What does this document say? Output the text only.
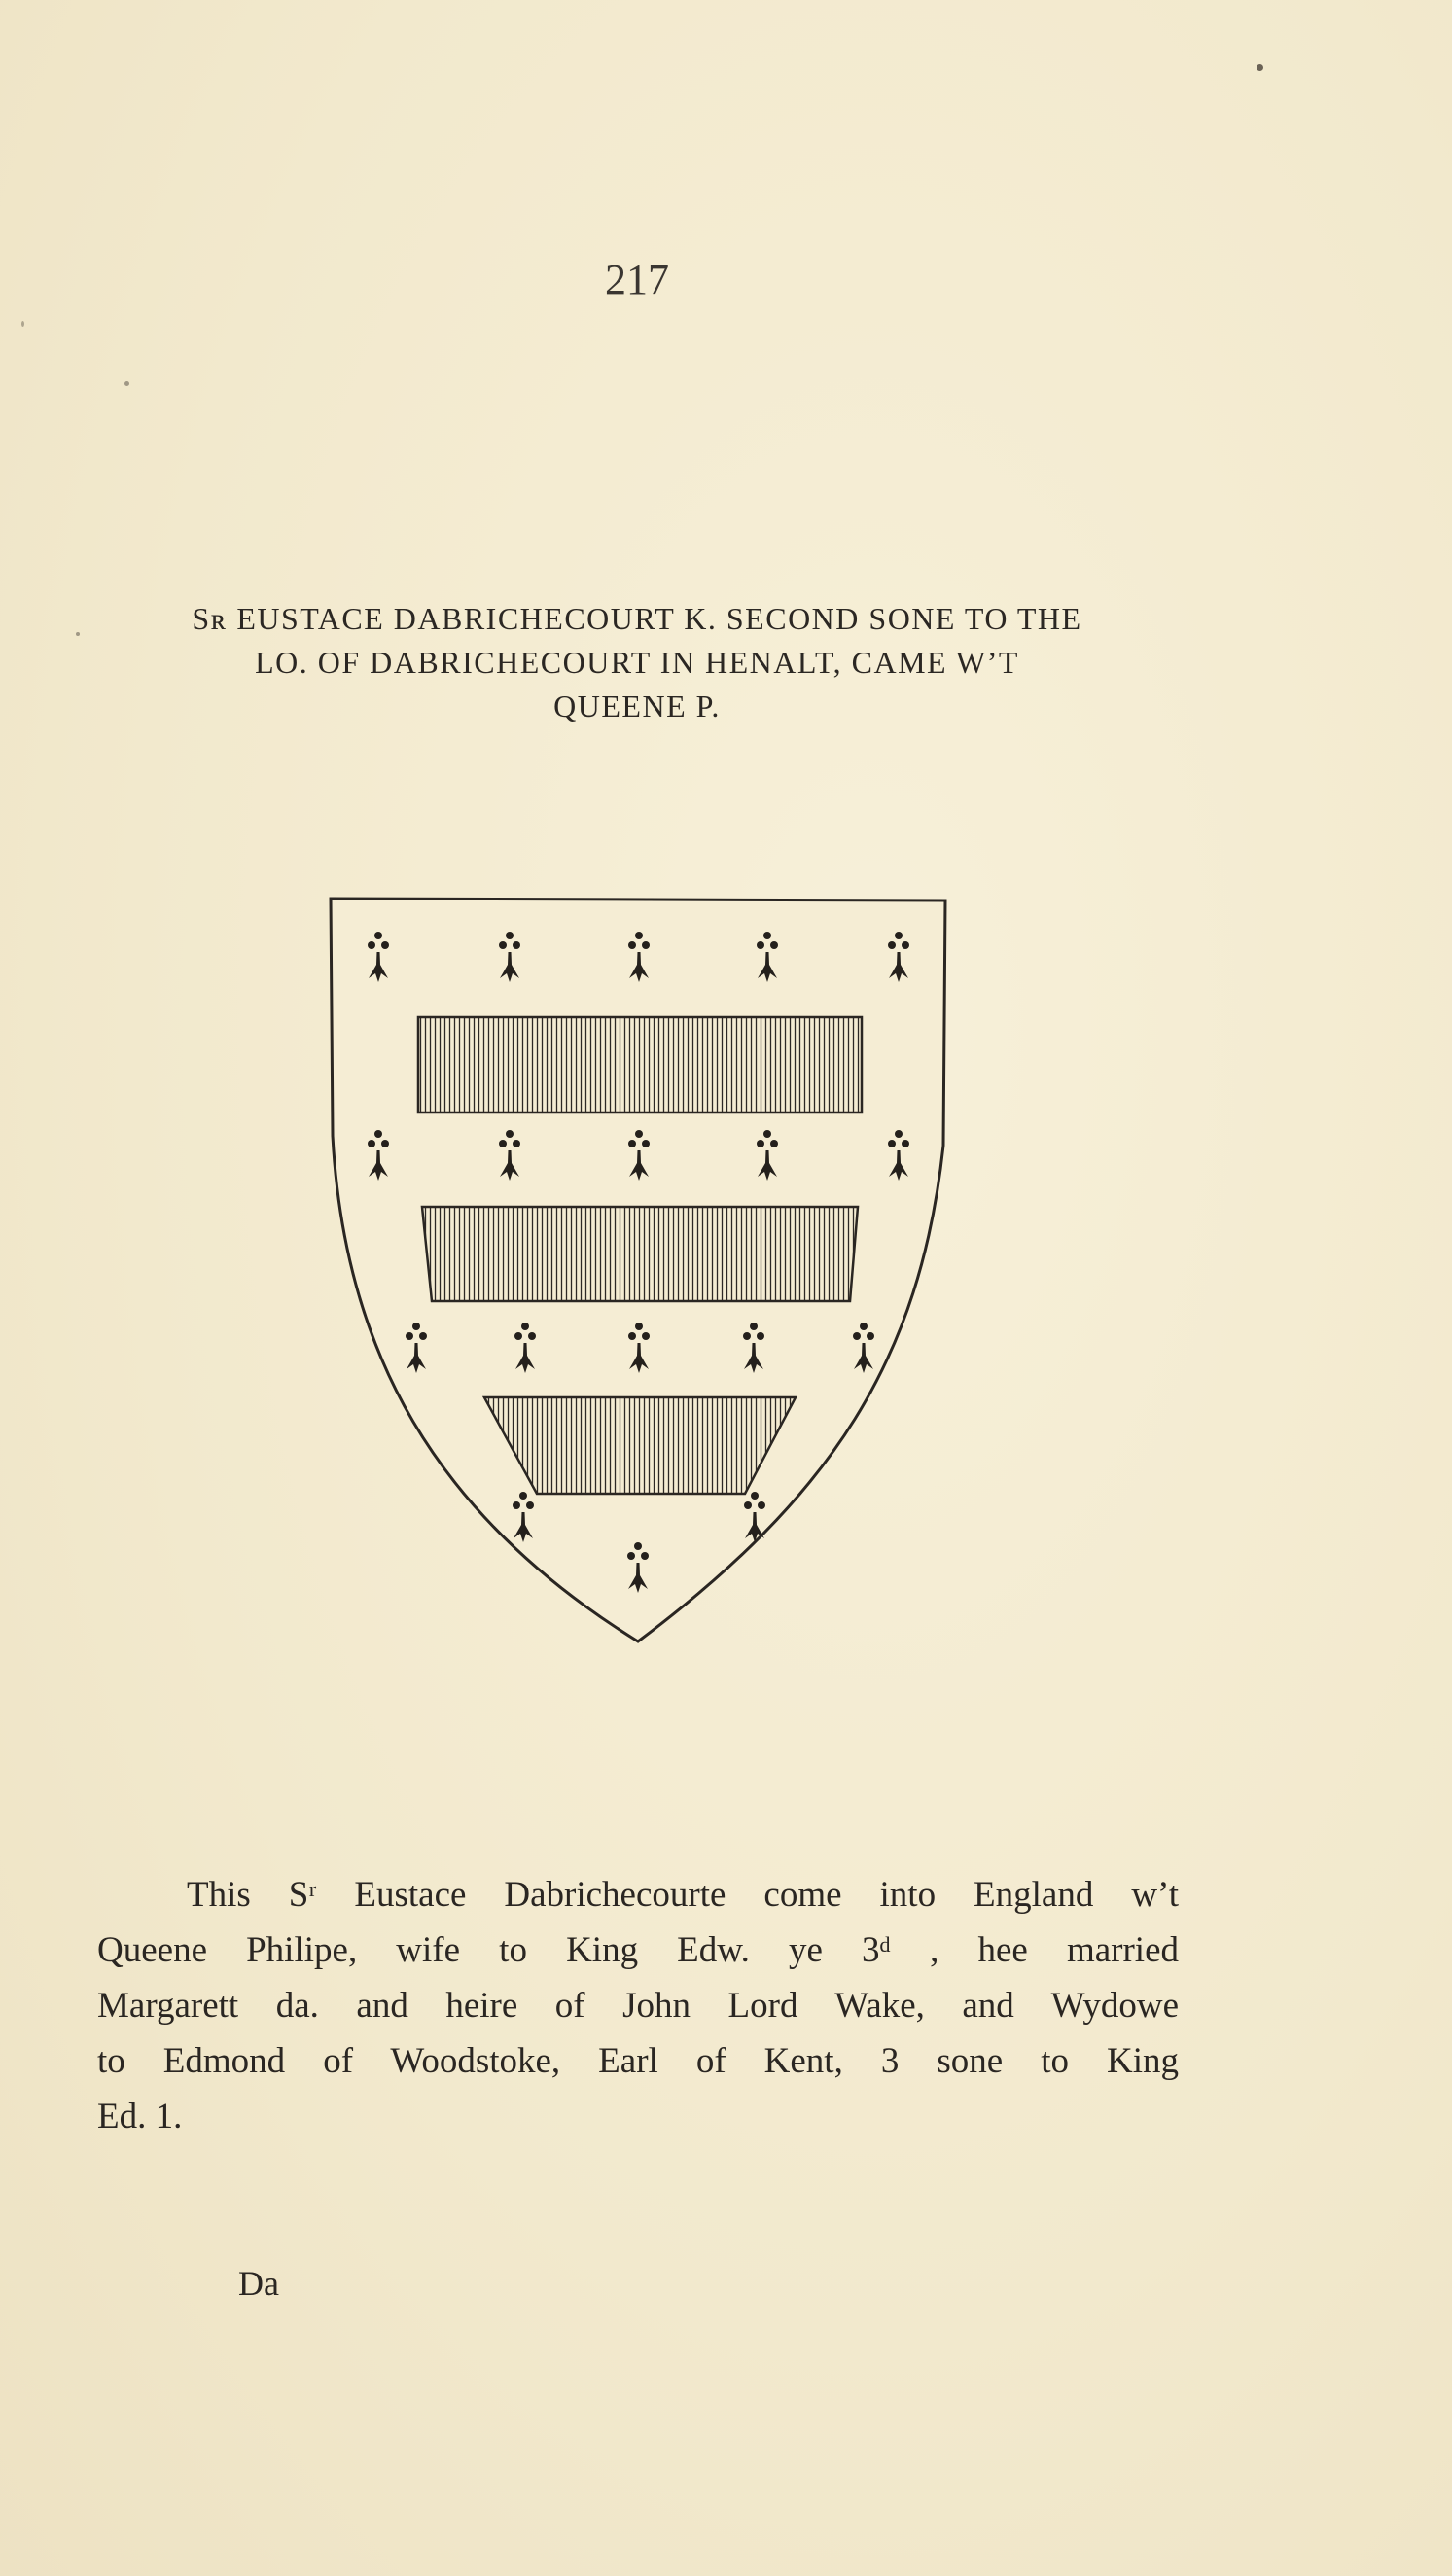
217
Sʀ EUSTACE DABRICHECOURT K. SECOND SONE TO THE
LO. OF DABRICHECOURT IN HENALT, CAME W’T
QUEENE P.
This Sʳ Eustace Dabrichecourte come into England w’t
Queene Philipe, wife to King Edw. ye 3ᵈ , hee married
Margarett da. and heire of John Lord Wake, and Wydowe
to Edmond of Woodstoke, Earl of Kent, 3 sone to King
Ed. 1.
Da
